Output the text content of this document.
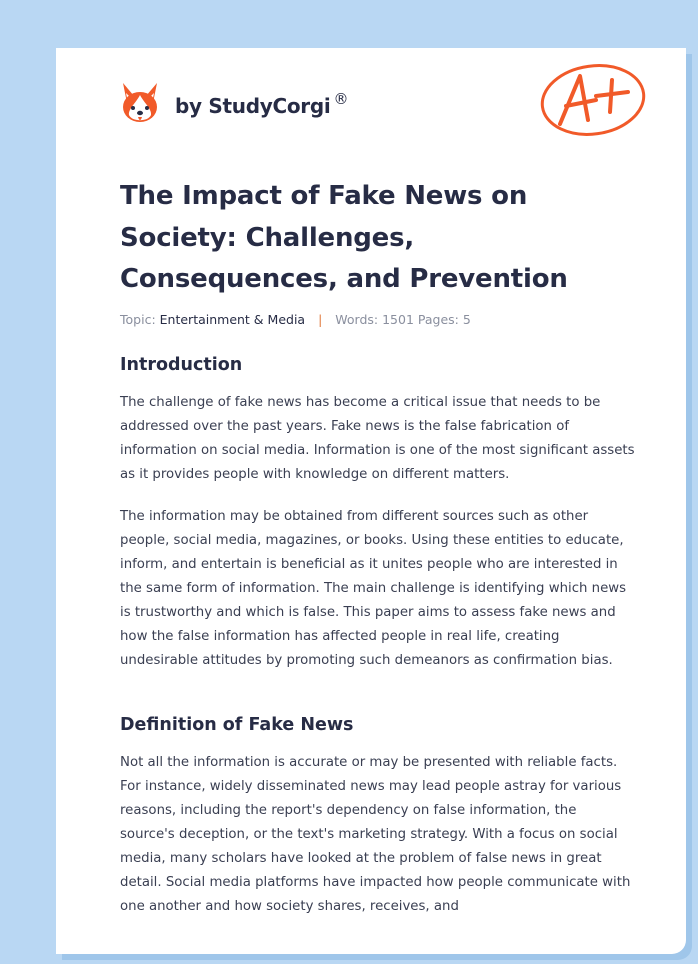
by StudyCorgi ®
The Impact of Fake News on Society: Challenges, Consequences, and Prevention
Topic: Entertainment & Media | Words: 1501 Pages: 5
Introduction

The challenge of fake news has become a critical issue that needs to be addressed over the past years. Fake news is the false fabrication of information on social media. Information is one of the most significant assets as it provides people with knowledge on different matters.

The information may be obtained from different sources such as other people, social media, magazines, or books. Using these entities to educate, inform, and entertain is beneficial as it unites people who are interested in the same form of information. The main challenge is identifying which news is trustworthy and which is false. This paper aims to assess fake news and how the false information has affected people in real life, creating undesirable attitudes by promoting such demeanors as confirmation bias.

Definition of Fake News

Not all the information is accurate or may be presented with reliable facts. For instance, widely disseminated news may lead people astray for various reasons, including the report's dependency on false information, the source's deception, or the text's marketing strategy. With a focus on social media, many scholars have looked at the problem of false news in great detail. Social media platforms have impacted how people communicate with one another and how society shares, receives, and
